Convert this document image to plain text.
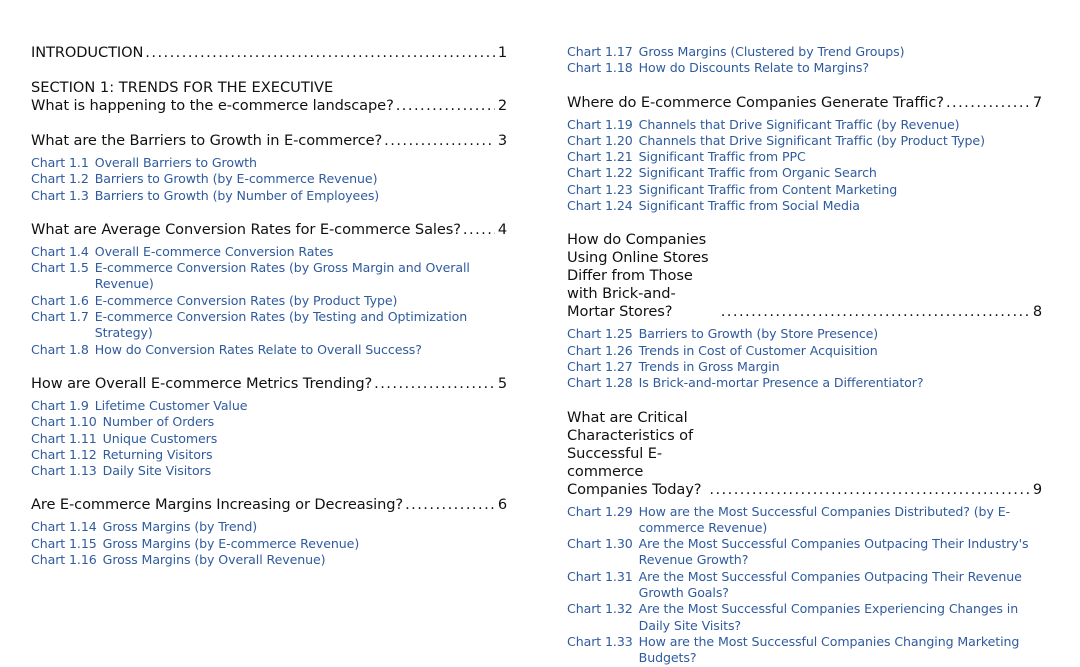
INTRODUCTION . . .	1
SECTION 1: TRENDS FOR THE EXECUTIVE
What is happening to the e-commerce landscape? . . .	2
What are the Barriers to Growth in E-commerce? . . .	3
Chart 1.1 Overall Barriers to Growth
Chart 1.2 Barriers to Growth (by E-commerce Revenue)
Chart 1.3 Barriers to Growth (by Number of Employees)
What are Average Conversion Rates for E-commerce Sales? . . .	4
Chart 1.4 Overall E-commerce Conversion Rates
Chart 1.5 E-commerce Conversion Rates (by Gross Margin and Overall Revenue)
Chart 1.6 E-commerce Conversion Rates (by Product Type)
Chart 1.7 E-commerce Conversion Rates (by Testing and Optimization Strategy)
Chart 1.8 How do Conversion Rates Relate to Overall Success?
How are Overall E-commerce Metrics Trending? . . .	5
Chart 1.9 Lifetime Customer Value
Chart 1.10 Number of Orders
Chart 1.11 Unique Customers
Chart 1.12 Returning Visitors
Chart 1.13 Daily Site Visitors
Are E-commerce Margins Increasing or Decreasing? . . .	6
Chart 1.14 Gross Margins (by Trend)
Chart 1.15 Gross Margins (by E-commerce Revenue)
Chart 1.16 Gross Margins (by Overall Revenue)
Chart 1.17 Gross Margins (Clustered by Trend Groups)
Chart 1.18 How do Discounts Relate to Margins?
Where do E-commerce Companies Generate Traffic? . . .	7
Chart 1.19 Channels that Drive Significant Traffic (by Revenue)
Chart 1.20 Channels that Drive Significant Traffic (by Product Type)
Chart 1.21 Significant Traffic from PPC
Chart 1.22 Significant Traffic from Organic Search
Chart 1.23 Significant Traffic from Content Marketing
Chart 1.24 Significant Traffic from Social Media
How do Companies Using Online Stores Differ from Those with Brick-and-Mortar Stores? . . .	8
Chart 1.25 Barriers to Growth (by Store Presence)
Chart 1.26 Trends in Cost of Customer Acquisition
Chart 1.27 Trends in Gross Margin
Chart 1.28 Is Brick-and-mortar Presence a Differentiator?
What are Critical Characteristics of Successful E-commerce Companies Today? . . .	9
Chart 1.29 How are the Most Successful Companies Distributed? (by E-commerce Revenue)
Chart 1.30 Are the Most Successful Companies Outpacing Their Industry's Revenue Growth?
Chart 1.31 Are the Most Successful Companies Outpacing Their Revenue Growth Goals?
Chart 1.32 Are the Most Successful Companies Experiencing Changes in Daily Site Visits?
Chart 1.33 How are the Most Successful Companies Changing Marketing Budgets?
